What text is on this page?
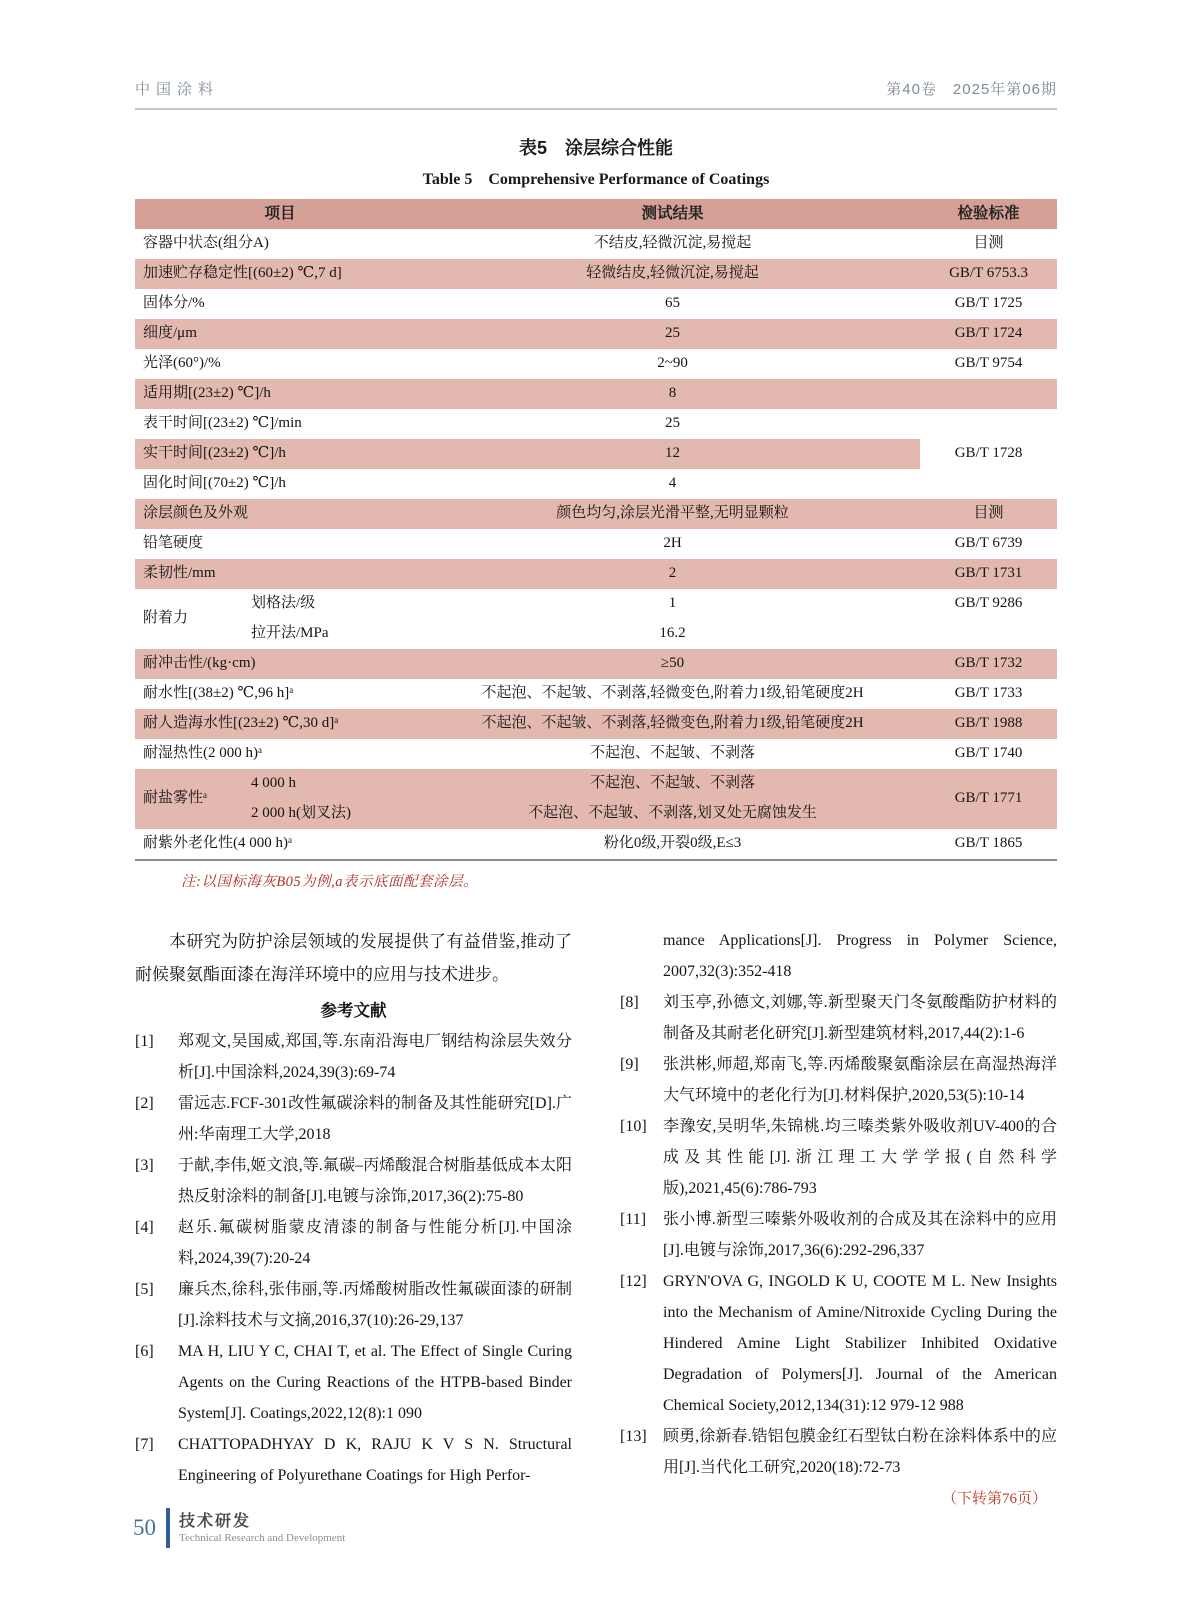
中国涂料	第40卷　2025年第06期
表5　涂层综合性能
Table 5　Comprehensive Performance of Coatings
项目		测试结果	检验标准
容器中状态(组分A)		不结皮,轻微沉淀,易搅起	目测
加速贮存稳定性[(60±2) ℃,7 d]		轻微结皮,轻微沉淀,易搅起	GB/T 6753.3
固体分/%		65	GB/T 1725
细度/μm		25	GB/T 1724
光泽(60°)/%		2~90	GB/T 9754
适用期[(23±2) ℃]/h		8	
表干时间[(23±2) ℃]/min		25	GB/T 1728
实干时间[(23±2) ℃]/h		12	
固化时间[(70±2) ℃]/h		4	
涂层颜色及外观		颜色均匀,涂层光滑平整,无明显颗粒	目测
铅笔硬度		2H	GB/T 6739
柔韧性/mm		2	GB/T 1731
附着力	划格法/级	1	GB/T 9286
	拉开法/MPa	16.2	
耐冲击性/(kg·cm)		≥50	GB/T 1732
耐水性[(38±2) ℃,96 h]ᵃ		不起泡、不起皱、不剥落,轻微变色,附着力1级,铅笔硬度2H	GB/T 1733
耐人造海水性[(23±2) ℃,30 d]ᵃ		不起泡、不起皱、不剥落,轻微变色,附着力1级,铅笔硬度2H	GB/T 1988
耐湿热性(2 000 h)ᵃ		不起泡、不起皱、不剥落	GB/T 1740
耐盐雾性ᵃ	4 000 h	不起泡、不起皱、不剥落	GB/T 1771
	2 000 h(划叉法)	不起泡、不起皱、不剥落,划叉处无腐蚀发生	
耐紫外老化性(4 000 h)ᵃ		粉化0级,开裂0级,E≤3	GB/T 1865
注:以国标海灰B05为例,a表示底面配套涂层。

本研究为防护涂层领域的发展提供了有益借鉴,推动了耐候聚氨酯面漆在海洋环境中的应用与技术进步。

参考文献
[1] 郑观文,吴国威,郑国,等.东南沿海电厂钢结构涂层失效分析[J].中国涂料,2024,39(3):69-74
[2] 雷远志.FCF-301改性氟碳涂料的制备及其性能研究[D].广州:华南理工大学,2018
[3] 于献,李伟,姬文浪,等.氟碳–丙烯酸混合树脂基低成本太阳热反射涂料的制备[J].电镀与涂饰,2017,36(2):75-80
[4] 赵乐.氟碳树脂蒙皮清漆的制备与性能分析[J].中国涂料,2024,39(7):20-24
[5] 廉兵杰,徐科,张伟丽,等.丙烯酸树脂改性氟碳面漆的研制[J].涂料技术与文摘,2016,37(10):26-29,137
[6] MA H, LIU Y C, CHAI T, et al. The Effect of Single Curing Agents on the Curing Reactions of the HTPB-based Binder System[J]. Coatings,2022,12(8):1 090
[7] CHATTOPADHYAY D K, RAJU K V S N. Structural Engineering of Polyurethane Coatings for High Perfor-
mance Applications[J]. Progress in Polymer Science, 2007,32(3):352-418
[8] 刘玉亭,孙德文,刘娜,等.新型聚天门冬氨酸酯防护材料的制备及其耐老化研究[J].新型建筑材料,2017,44(2):1-6
[9] 张洪彬,师超,郑南飞,等.丙烯酸聚氨酯涂层在高湿热海洋大气环境中的老化行为[J].材料保护,2020,53(5):10-14
[10] 李豫安,吴明华,朱锦桃.均三嗪类紫外吸收剂UV-400的合成及其性能[J].浙江理工大学学报(自然科学版),2021,45(6):786-793
[11] 张小博.新型三嗪紫外吸收剂的合成及其在涂料中的应用[J].电镀与涂饰,2017,36(6):292-296,337
[12] GRYN'OVA G, INGOLD K U, COOTE M L. New Insights into the Mechanism of Amine/Nitroxide Cycling During the Hindered Amine Light Stabilizer Inhibited Oxidative Degradation of Polymers[J]. Journal of the American Chemical Society,2012,134(31):12 979-12 988
[13] 顾勇,徐新春.锆铝包膜金红石型钛白粉在涂料体系中的应用[J].当代化工研究,2020(18):72-73
（下转第76页）
50 技术研发
Technical Research and Development
